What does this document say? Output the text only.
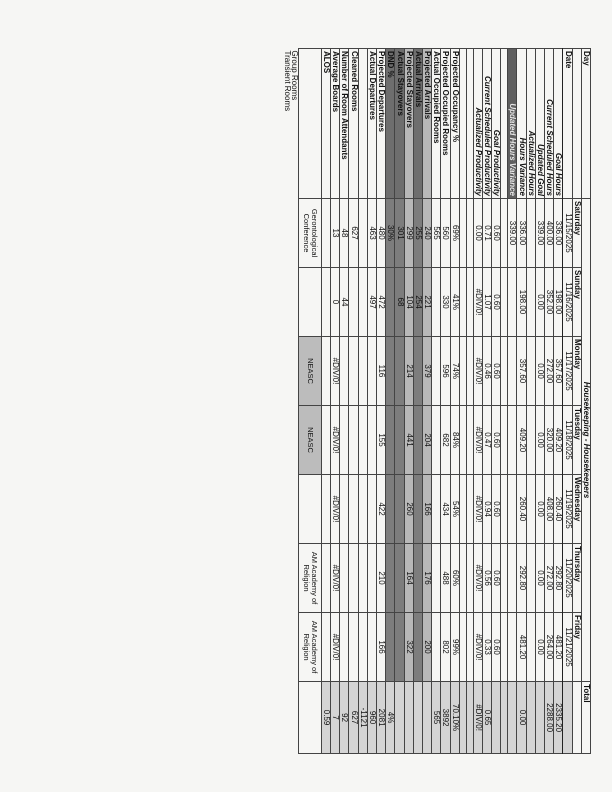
Day	Housekeeping - Housekeepers							Total
	Saturday	Sunday	Monday	Tuesday	Wednesday	Thursday	Friday	
Date	11/15/2025	11/16/2025	11/17/2025	11/18/2025	11/19/2025	11/20/2025	11/21/2025	
Goal Hours	336.00	198.00	357.60	409.20	260.40	292.80	481.20	2335.20
Current Scheduled Hours	400.00	352.00	272.00	320.00	408.00	272.00	264.00	2288.00
Updated Goal	339.00	0.00	0.00	0.00	0.00	0.00	0.00	
Actualized Hours								
Hours Variance	336.00	198.00	357.60	409.20	260.40	292.80	481.20	0.00
Updated Hours Variance	339.00							

Goal Productivity	0.60	0.60	0.60	0.60	0.60	0.60	0.60	
Current Scheduled Productivity	0.71	1.07	0.46	0.47	0.94	0.56	0.33	0.65
Actualized Productivity	0.00	#DIV/0!	#DIV/0!	#DIV/0!	#DIV/0!	#DIV/0!	#DIV/0!	#DIV/0!

Projected Occupancy %	69%	41%	74%	84%	54%	60%	99%	70.10%
Projected Occupied Rooms	560	330	596	682	434	488	802	3892
Actual Occupied Rooms	565							565
Projected Arrivals	240	221	379	204	166	176	200	
Actual Arrivals	255	254						
Projected Stayovers	299	104	214	441	260	164	322	
Actual Stayovers	301	68						
DND %	30%							4%
Projected Departures	480	472	116	155	422	210	166	2081
Actual Departures	463	497						960
								-1121
Cleaned Rooms	627							627
Number of Room Attendants	48	44						92
Average Boards	13	0	#DIV/0!	#DIV/0!	#DIV/0!	#DIV/0!	#DIV/0!	7
ALOS								0.59
	Gerontological Conference		NEASC	NEASC		AM Academy of Religion	AM Academy of Religion	
Group Rooms								
Transient Rooms								
